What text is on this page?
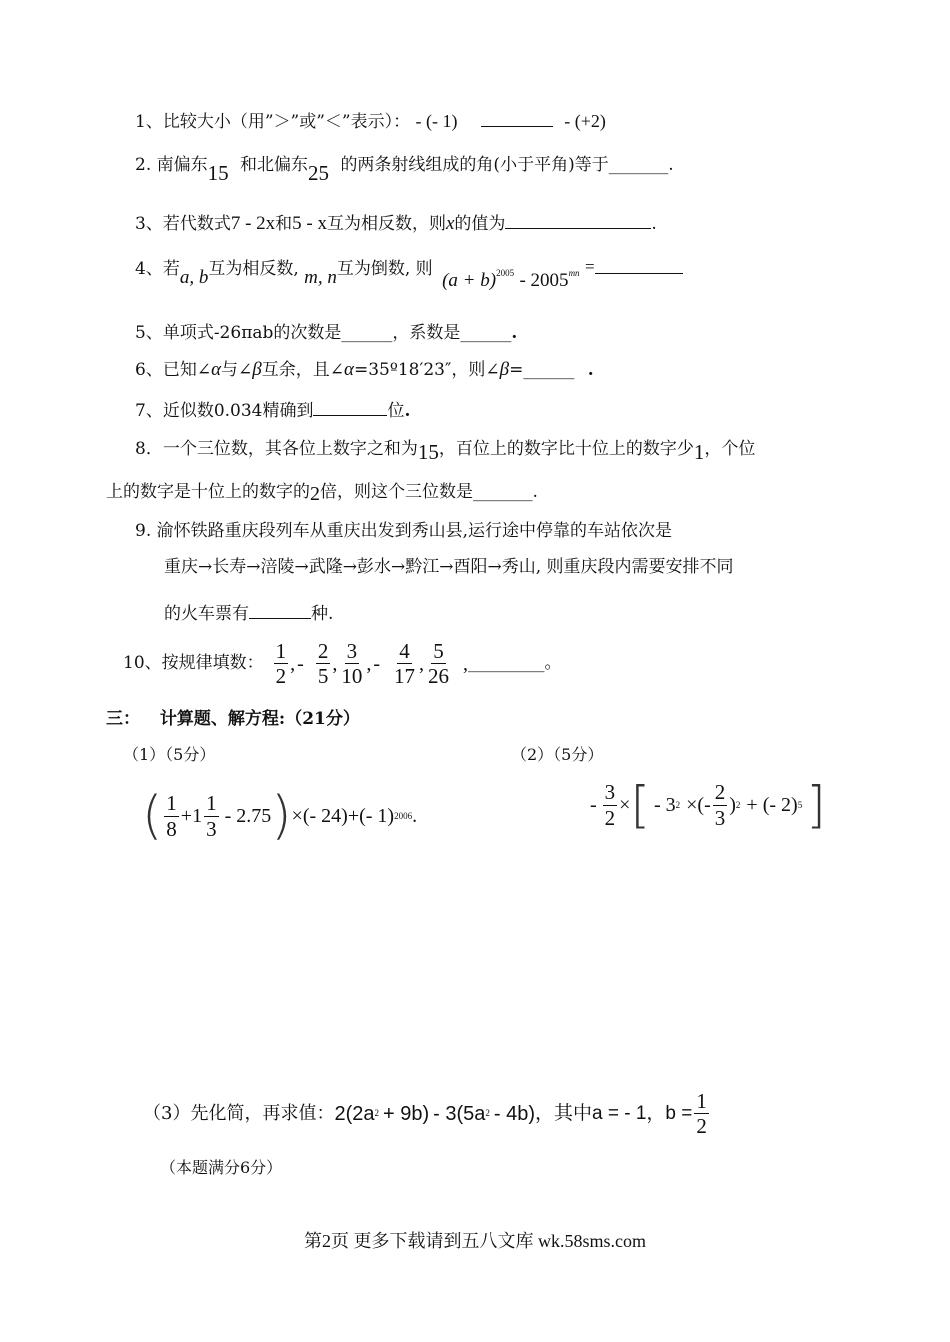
1、比较大小（用”＞”或”＜”表示）： - (- 1)	- (+2)
2. 南偏东15 和北偏东25 的两条射线组成的角(小于平角)等于_______.
3、若代数式7 - 2x和5 - x互为相反数，则x的值为	.
4、若a, b互为相反数, m, n互为倒数, 则 $(a + b)^{2005} - 2005^{mn}$ =
5、单项式-26πab的次数是______，系数是______.
6、已知∠α与∠β互余，且∠α=35º18′23″，则∠β=______ .
7、近似数0.034精确到	位.
8．一个三位数，其各位上数字之和为15，百位上的数字比十位上的数字少1，个位
上的数字是十位上的数字的2倍，则这个三位数是_______.
9. 渝怀铁路重庆段列车从重庆出发到秀山县,运行途中停靠的车站依次是
重庆→长寿→涪陵→武隆→彭水→黔江→酉阳→秀山, 则重庆段内需要安排不同
的火车票有	种.
10、按规律填数： $\frac{1}{2}$ , - $\frac{2}{5}$ , $\frac{3}{10}$ , - $\frac{4}{17}$ , $\frac{5}{26}$ , _________ 。
三： 计算题、解方程:（21分）
（1）（5分）
( $\frac{1}{8} +1 \frac{1}{3} - 2.75$ ) × (- 24) + (- 1) 2006 .
（2）（5分）
- $\frac{3}{2}$ × [ - 3 2 ×(- $\frac{2}{3}$ ) 2 + (- 2) 5 ]
（3）先化简，再求值： 2 (2a 2 + 9b) - 3 (5a 2 - 4b) ，其中a = - 1，$b = \frac{1}{2}$
（本题满分6分）
第2页 更多下载请到五八文库 wk.58sms.com
